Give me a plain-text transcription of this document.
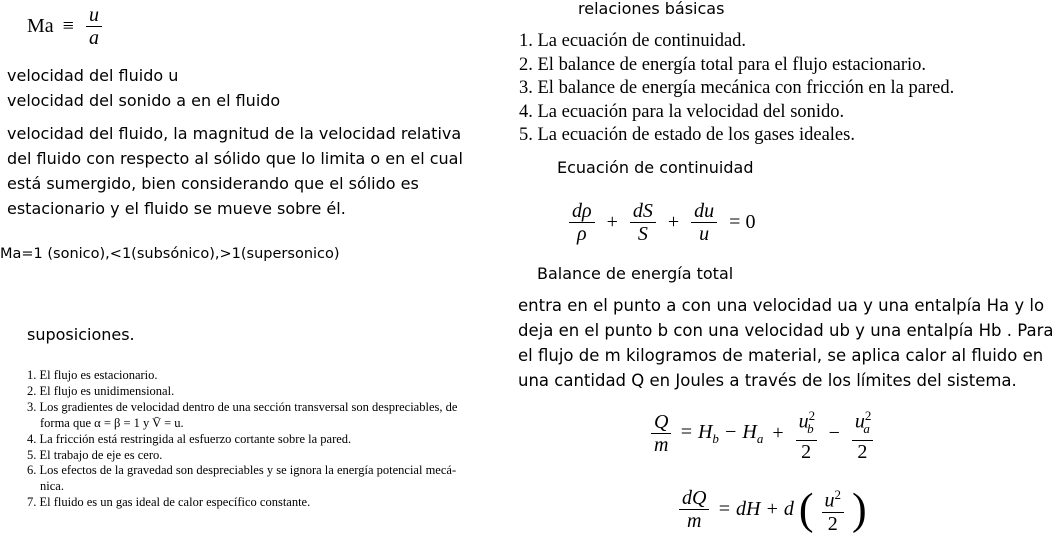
$Ma \equiv \frac{u}{a}$
velocidad del fluido u
velocidad del sonido a en el fluido
velocidad del fluido, la magnitud de la velocidad relativa
del fluido con respecto al sólido que lo limita o en el cual
está sumergido, bien considerando que el sólido es
estacionario y el fluido se mueve sobre él.
Ma=1 (sonico),<1(subsónico),>1(supersonico)
suposiciones.
1. El flujo es estacionario.
2. El flujo es unidimensional.
3. Los gradientes de velocidad dentro de una sección transversal son despreciables, de
forma que α = β = 1 y V̄ = u.
4. La fricción está restringida al esfuerzo cortante sobre la pared.
5. El trabajo de eje es cero.
6. Los efectos de la gravedad son despreciables y se ignora la energía potencial mecá-
nica.
7. El fluido es un gas ideal de calor específico constante.
relaciones básicas
1. La ecuación de continuidad.
2. El balance de energía total para el flujo estacionario.
3. El balance de energía mecánica con fricción en la pared.
4. La ecuación para la velocidad del sonido.
5. La ecuación de estado de los gases ideales.
Ecuación de continuidad
$\frac{d\rho}{\rho} + \frac{dS}{S} + \frac{du}{u} = 0$
Balance de energía total
entra en el punto a con una velocidad ua y una entalpía Ha y lo
deja en el punto b con una velocidad ub y una entalpía Hb . Para
el flujo de m kilogramos de material, se aplica calor al fluido en
una cantidad Q en Joules a través de los límites del sistema.
$\frac{Q}{m} = H_b - H_a + \frac{u^2_b}{2} - \frac{u^2_a}{2}$
$\frac{dQ}{m}$ = dH + d ( $\frac{u^2}{2}$ )
